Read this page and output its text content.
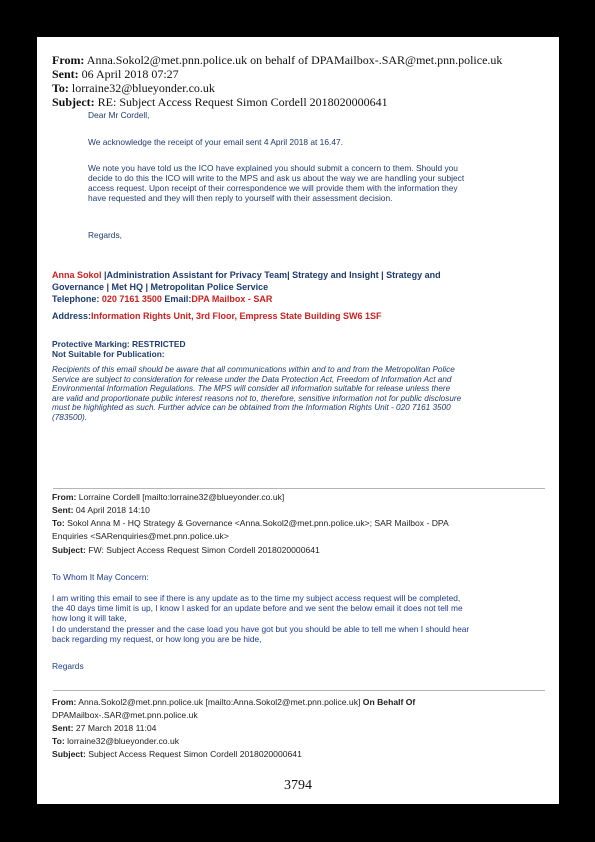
From: Anna.Sokol2@met.pnn.police.uk on behalf of DPAMailbox-.SAR@met.pnn.police.uk
Sent: 06 April 2018 07:27
To: lorraine32@blueyonder.co.uk
Subject: RE: Subject Access Request Simon Cordell 2018020000641
Dear Mr Cordell,
We acknowledge the receipt of your email sent 4 April 2018 at 16.47.
We note you have told us the ICO have explained you should submit a concern to them. Should you
decide to do this the ICO will write to the MPS and ask us about the way we are handling your subject
access request. Upon receipt of their correspondence we will provide them with the information they
have requested and they will then reply to yourself with their assessment decision.
Regards,
Anna Sokol |Administration Assistant for Privacy Team| Strategy and Insight | Strategy and
Governance | Met HQ | Metropolitan Police Service
Telephone: 020 7161 3500 Email:DPA Mailbox - SAR
Address:Information Rights Unit, 3rd Floor, Empress State Building SW6 1SF
Protective Marking: RESTRICTED
Not Suitable for Publication:
Recipients of this email should be aware that all communications within and to and from the Metropolitan Police
Service are subject to consideration for release under the Data Protection Act, Freedom of Information Act and
Environmental Information Regulations. The MPS will consider all information suitable for release unless there
are valid and proportionate public interest reasons not to, therefore, sensitive information not for public disclosure
must be highlighted as such. Further advice can be obtained from the Information Rights Unit - 020 7161 3500
(783500).
From: Lorraine Cordell [mailto:lorraine32@blueyonder.co.uk]
Sent: 04 April 2018 14:10
To: Sokol Anna M - HQ Strategy & Governance <Anna.Sokol2@met.pnn.police.uk>; SAR Mailbox - DPA
Enquiries <SARenquiries@met.pnn.police.uk>
Subject: FW: Subject Access Request Simon Cordell 2018020000641
To Whom It May Concern:
I am writing this email to see if there is any update as to the time my subject access request will be completed,
the 40 days time limit is up, I know I asked for an update before and we sent the below email it does not tell me
how long it will take,
I do understand the presser and the case load you have got but you should be able to tell me when I should hear
back regarding my request, or how long you are be hide,
Regards
From: Anna.Sokol2@met.pnn.police.uk [mailto:Anna.Sokol2@met.pnn.police.uk] On Behalf Of
DPAMailbox-.SAR@met.pnn.police.uk
Sent: 27 March 2018 11:04
To: lorraine32@blueyonder.co.uk
Subject: Subject Access Request Simon Cordell 2018020000641
3794
